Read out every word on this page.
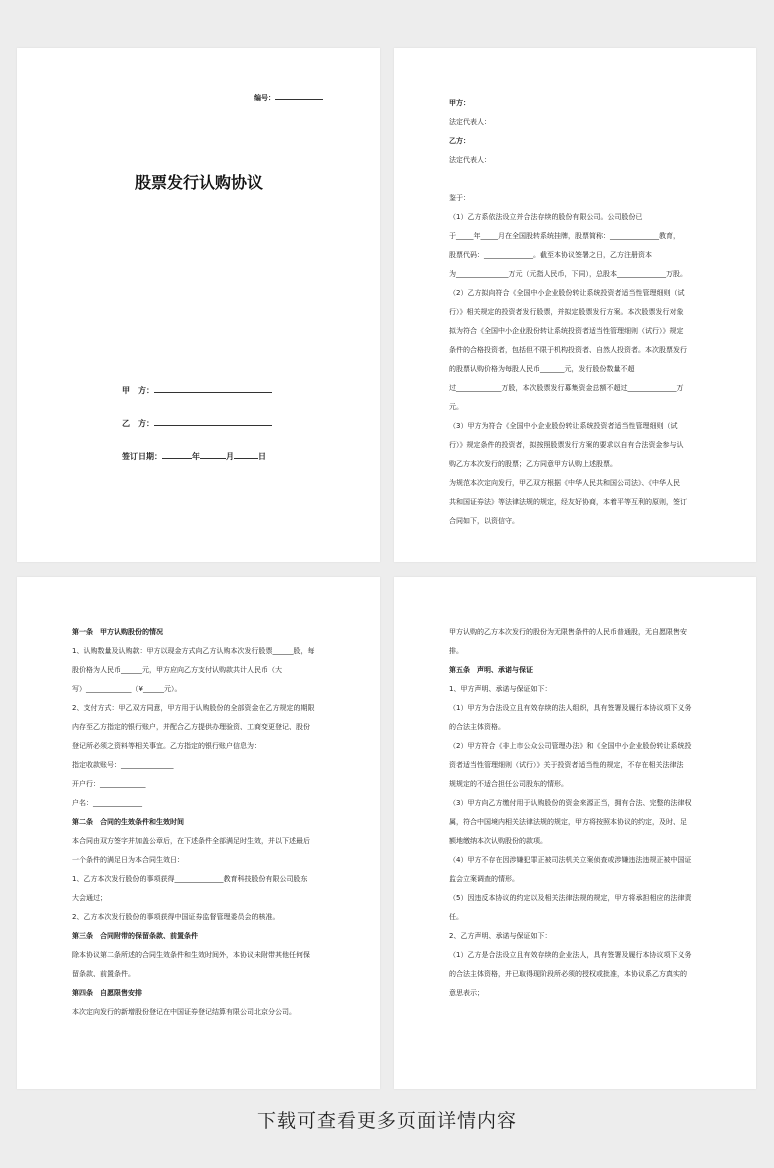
编号：
股票发行认购协议
甲　方：
乙　方：
签订日期：	年	月	日

甲方：

法定代表人：

乙方：

法定代表人：

鉴于：

（1）乙方系依法设立并合法存续的股份有限公司。公司股份已

于_____年_____月在全国股转系统挂牌，股票简称：______________教育，

股票代码：______________。截至本协议签署之日，乙方注册资本

为_______________万元（元指人民币，下同），总股本______________万股。

（2）乙方拟向符合《全国中小企业股份转让系统投资者适当性管理细则（试

行）》相关规定的投资者发行股票，并拟定股票发行方案。本次股票发行对象

拟为符合《全国中小企业股份转让系统投资者适当性管理细则（试行）》规定

条件的合格投资者，包括但不限于机构投资者、自然人投资者。本次股票发行

的股票认购价格为每股人民币_______元，发行股份数量不超

过_____________万股，本次股票发行募集资金总额不超过______________万

元。

（3）甲方为符合《全国中小企业股份转让系统投资者适当性管理细则（试

行）》规定条件的投资者，拟按照股票发行方案的要求以自有合法资金参与认

购乙方本次发行的股票；乙方同意甲方认购上述股票。

为规范本次定向发行，甲乙双方根据《中华人民共和国公司法》、《中华人民

共和国证券法》等法律法规的规定，经友好协商，本着平等互利的原则，签订

合同如下，以资信守。

第一条　甲方认购股份的情况

1、认购数量及认购款：甲方以现金方式向乙方认购本次发行股票______股，每

股价格为人民币______元，甲方应向乙方支付认购款共计人民币（大

写）_____________（¥______元）。

2、支付方式：甲乙双方同意，甲方用于认购股份的全部资金在乙方规定的期限

内存至乙方指定的银行账户，并配合乙方提供办理验资、工商变更登记、股份

登记所必须之资料等相关事宜。乙方指定的银行账户信息为：

指定收款账号：_______________

开户行：_____________

户名：______________

第二条　合同的生效条件和生效时间

本合同由双方签字并加盖公章后，在下述条件全部满足时生效，并以下述最后

一个条件的满足日为本合同生效日：

1、乙方本次发行股份的事项获得______________教育科技股份有限公司股东

大会通过；

2、乙方本次发行股份的事项获得中国证券监督管理委员会的核准。

第三条　合同附带的保留条款、前置条件

除本协议第二条所述的合同生效条件和生效时间外，本协议未附带其他任何保

留条款、前置条件。

第四条　自愿限售安排

本次定向发行的新增股份登记在中国证券登记结算有限公司北京分公司。

甲方认购的乙方本次发行的股份为无限售条件的人民币普通股，无自愿限售安

排。

第五条　声明、承诺与保证

1、甲方声明、承诺与保证如下：

（1）甲方为合法设立且有效存续的法人组织，具有签署及履行本协议项下义务

的合法主体资格。

（2）甲方符合《非上市公众公司管理办法》和《全国中小企业股份转让系统投

资者适当性管理细则（试行）》关于投资者适当性的规定，不存在相关法律法

规规定的不适合担任公司股东的情形。

（3）甲方向乙方缴付用于认购股份的资金来源正当，拥有合法、完整的法律权

属，符合中国境内相关法律法规的规定，甲方将按照本协议的约定，及时、足

额地缴纳本次认购股份的款项。

（4）甲方不存在因涉嫌犯罪正被司法机关立案侦查或涉嫌违法违规正被中国证

监会立案调查的情形。

（5）因违反本协议的约定以及相关法律法规的规定，甲方将承担相应的法律责

任。

2、乙方声明、承诺与保证如下：

（1）乙方是合法设立且有效存续的企业法人，具有签署及履行本协议项下义务

的合法主体资格，并已取得现阶段所必须的授权或批准，本协议系乙方真实的

意思表示；

下载可查看更多页面详情内容
